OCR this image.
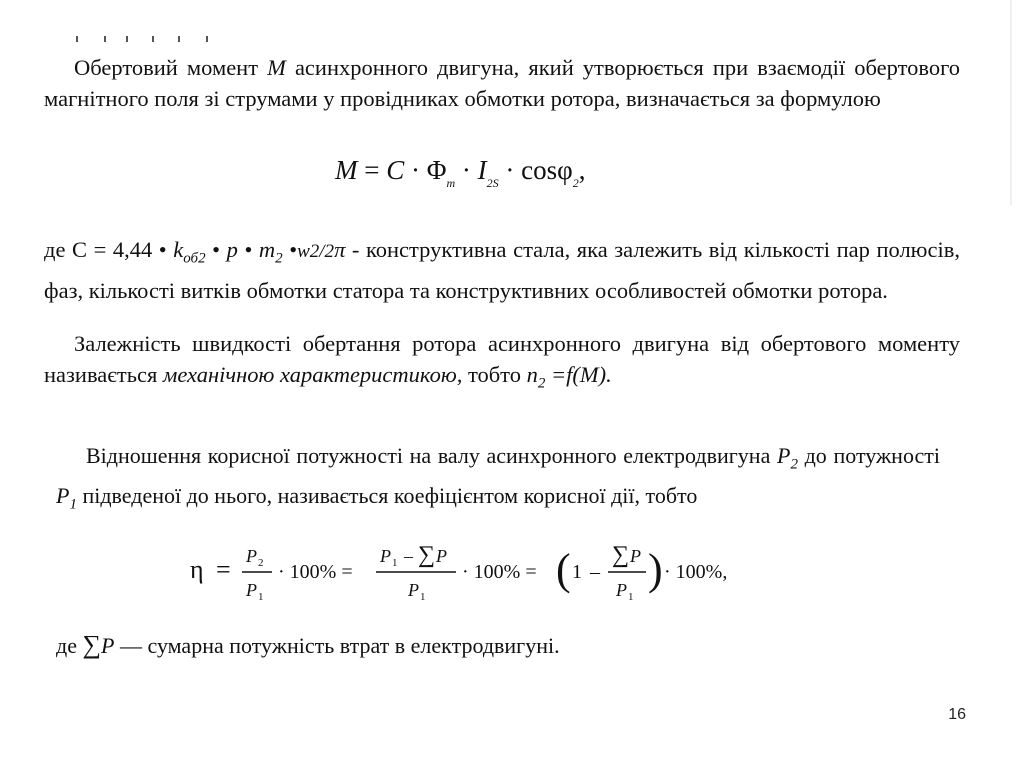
Обертовий момент M асинхронного двигуна, який утворюється при взаємодії обертового магнітного поля зі струмами у провідниках обмотки ротора, визначається за формулою

$M = C \cdot \Phi_m \cdot I_{2S} \cdot \cos\varphi_2$,

де С = 4,44 • $k_{об2}$ • p • $m_2$ •w2/2π - конструктивна стала, яка залежить від кількості пар полюсів, фаз, кількості витків обмотки статора та конструктивних особливостей обмотки ротора.

Залежність швидкості обертання ротора асинхронного двигуна від обертового моменту називається механічною характеристикою, тобто $n_2 =f(M)$.

Відношення корисної потужності на валу асинхронного електродвигуна $P_2$ до потужності $P_1$ підведеної до нього, називається коефіцієнтом корисної дії, тобто

η = P 2
P 1
· 100% =
P 1 – ∑ P
P 1
· 100% = ( 1 –
∑ P
P 1
) · 100%,

де ∑P — сумарна потужність втрат в електродвигуні.

16
